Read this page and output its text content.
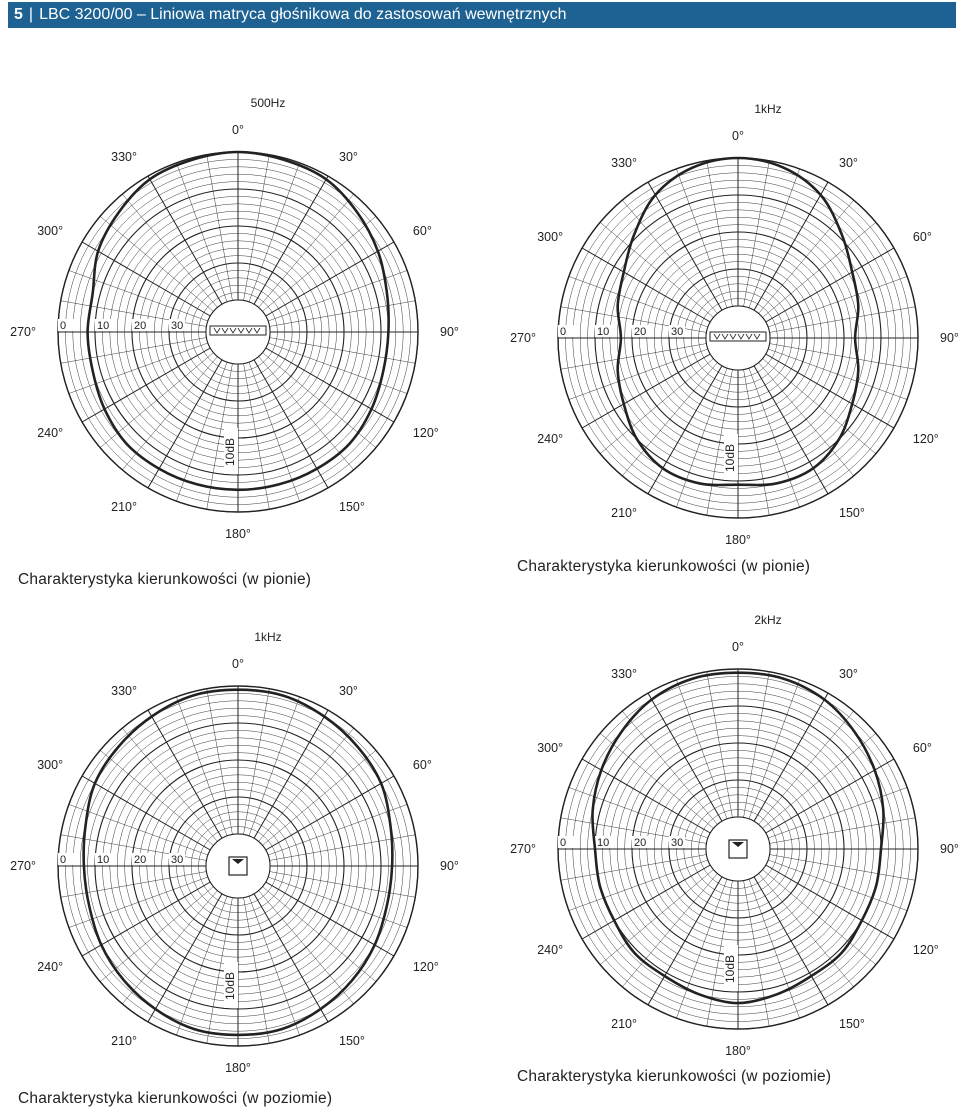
5 | LBC 3200/00 – Liniowa matryca głośnikowa do zastosowań wewnętrznych
500Hz
30
20
10
0
0°
30°
60°
90°
120°
150°
180°
210°
240°
270°
300°
330°
10dB
Charakterystyka kierunkowości (w pionie)
1kHz
30
20
10
0
0°
30°
60°
90°
120°
150°
180°
210°
240°
270°
300°
330°
10dB
Charakterystyka kierunkowości (w pionie)
1kHz
30
20
10
0
0°
30°
60°
90°
120°
150°
180°
210°
240°
270°
300°
330°
10dB
Charakterystyka kierunkowości (w poziomie)
2kHz
30
20
10
0
0°
30°
60°
90°
120°
150°
180°
210°
240°
270°
300°
330°
10dB
Charakterystyka kierunkowości (w poziomie)
